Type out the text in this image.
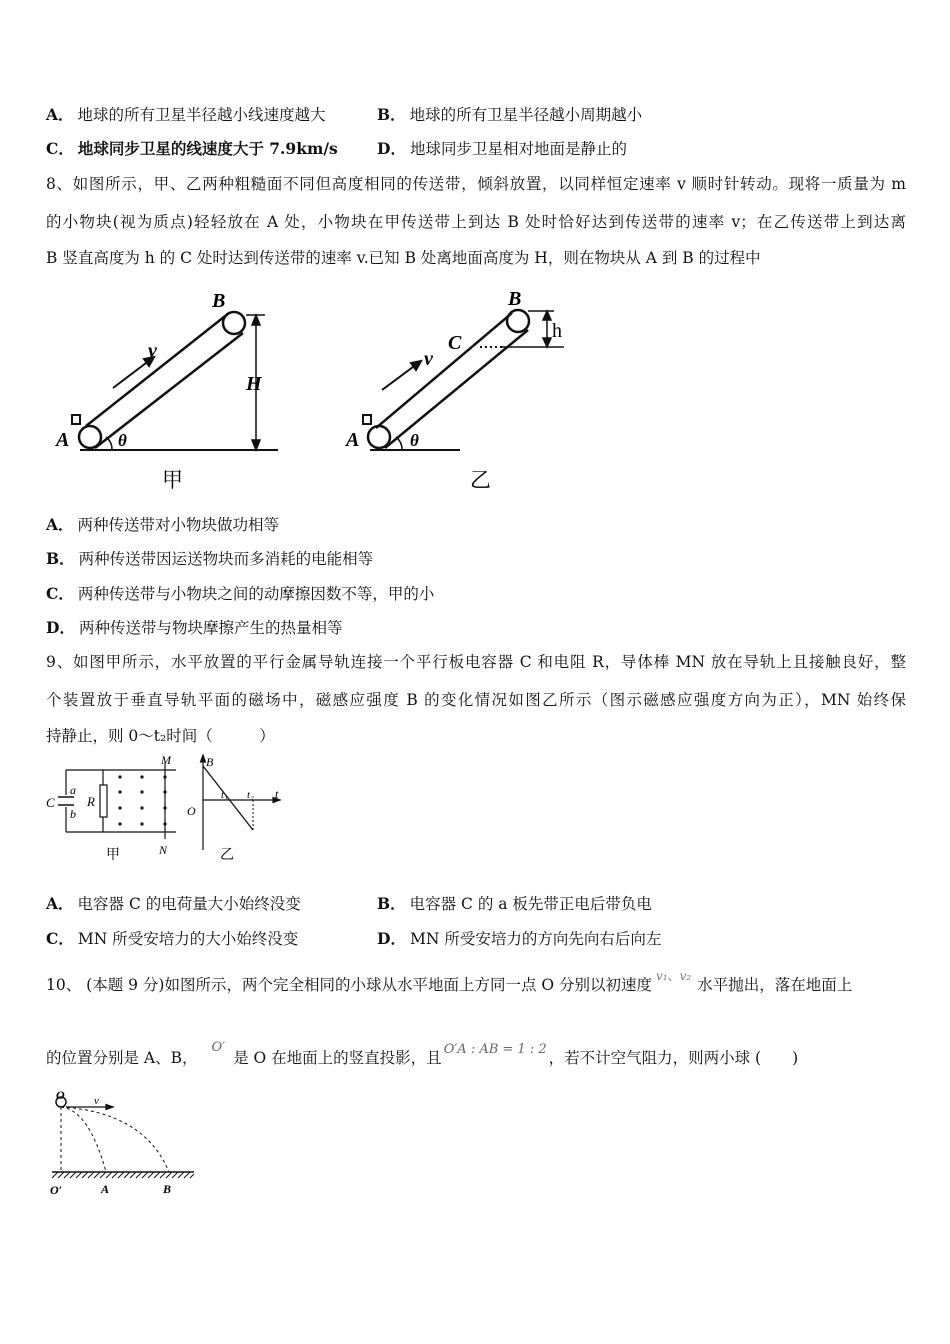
A． 地球的所有卫星半径越小线速度越大	B． 地球的所有卫星半径越小周期越小
C． 地球同步卫星的线速度大于 7.9km/s	D． 地球同步卫星相对地面是静止的
8、如图所示，甲、乙两种粗糙面不同但高度相同的传送带，倾斜放置，以同样恒定速率 v 顺时针转动。现将一质量为 m
的小物块(视为质点)轻轻放在 A 处，小物块在甲传送带上到达 B 处时恰好达到传送带的速率 v；在乙传送带上到达离
B 竖直高度为 h 的 C 处时达到传送带的速率 v.已知 B 处离地面高度为 H，则在物块从 A 到 B 的过程中
B
v
H
A	θ
甲
B
C
h
v
A	θ
乙
A． 两种传送带对小物块做功相等
B． 两种传送带因运送物块而多消耗的电能相等
C． 两种传送带与小物块之间的动摩擦因数不等，甲的小
D． 两种传送带与物块摩擦产生的热量相等
9、如图甲所示，水平放置的平行金属导轨连接一个平行板电容器 C 和电阻 R，导体棒 MN 放在导轨上且接触良好，整
个装置放于垂直导轨平面的磁场中，磁感应强度 B 的变化情况如图乙所示（图示磁感应强度方向为正），MN 始终保
持静止，则 0～t₂时间（　　　）
C
a
b
R
M
N
甲
B
O
t₁ t₂ t
乙
A． 电容器 C 的电荷量大小始终没变	B． 电容器 C 的 a 板先带正电后带负电
C． MN 所受安培力的大小始终没变	D． MN 所受安培力的方向先向右后向左
10、 (本题 9 分)如图所示，两个完全相同的小球从水平地面上方同一点 O 分别以初速度 $^{v_1、v_2}$ 水平抛出，落在地面上
的位置分别是 A、B，$^{O'}$是 O 在地面上的竖直投影，且 $^{O'A : AB = 1 : 2}$ ，若不计空气阻力，则两小球 (　　)
O	v
O′	A	B
